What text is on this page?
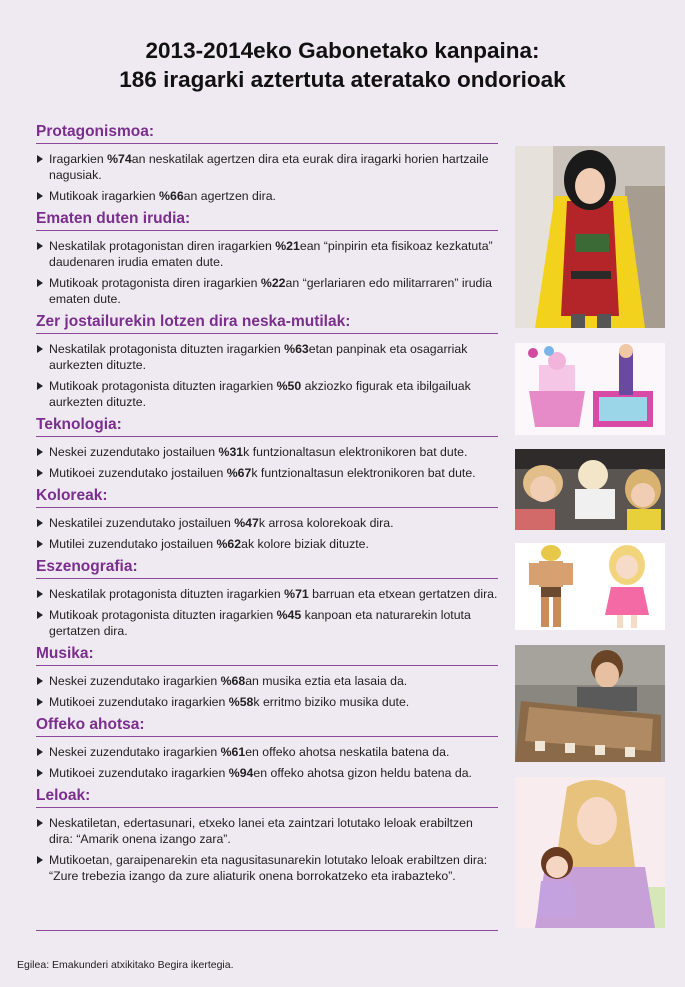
2013-2014eko Gabonetako kanpaina:
186 iragarki aztertuta ateratako ondorioak
Protagonismoa:
Iragarkien %74an neskatilak agertzen dira eta eurak dira iragarki horien hartzaile nagusiak.
Mutikoak iragarkien %66an agertzen dira.
Ematen duten irudia:
Neskatilak protagonistan diren iragarkien %21ean “pinpirin eta fisikoaz kezkatuta” daudenaren irudia ematen dute.
Mutikoak protagonista diren iragarkien %22an “gerlariaren edo militarraren” irudia ematen dute.
Zer jostailurekin lotzen dira neska-mutilak:
Neskatilak protagonista dituzten iragarkien %63etan panpinak eta osagarriak aurkezten dituzte.
Mutikoak protagonista dituzten iragarkien %50 akziozko figurak eta ibilgailuak aurkezten dituzte.
Teknologia:
Neskei zuzendutako jostailuen %31k funtzionaltasun elektronikoren bat dute.
Mutikoei zuzendutako jostailuen %67k funtzionaltasun elektronikoren bat dute.
Koloreak:
Neskatilei zuzendutako jostailuen %47k arrosa kolorekoak dira.
Mutilei zuzendutako jostailuen %62ak kolore biziak dituzte.
Eszenografia:
Neskatilak protagonista dituzten iragarkien %71 barruan eta etxean gertatzen dira.
Mutikoak protagonista dituzten iragarkien %45 kanpoan eta naturarekin lotuta gertatzen dira.
Musika:
Neskei zuzendutako iragarkien %68an musika eztia eta lasaia da.
Mutikoei zuzendutako iragarkien %58k erritmo biziko musika dute.
Offeko ahotsa:
Neskei zuzendutako iragarkien %61en offeko ahotsa neskatila batena da.
Mutikoei zuzendutako iragarkien %94en offeko ahotsa gizon heldu batena da.
Leloak:
Neskatiletan, edertasunari, etxeko lanei eta zaintzari lotutako leloak erabiltzen dira: “Amarik onena izango zara”.
Mutikoetan, garaipenarekin eta nagusitasunarekin lotutako leloak erabiltzen dira: “Zure trebezia izango da zure aliaturik onena borrokatzeko eta irabazteko”.
Egilea: Emakunderi atxikitako Begira ikertegia.
